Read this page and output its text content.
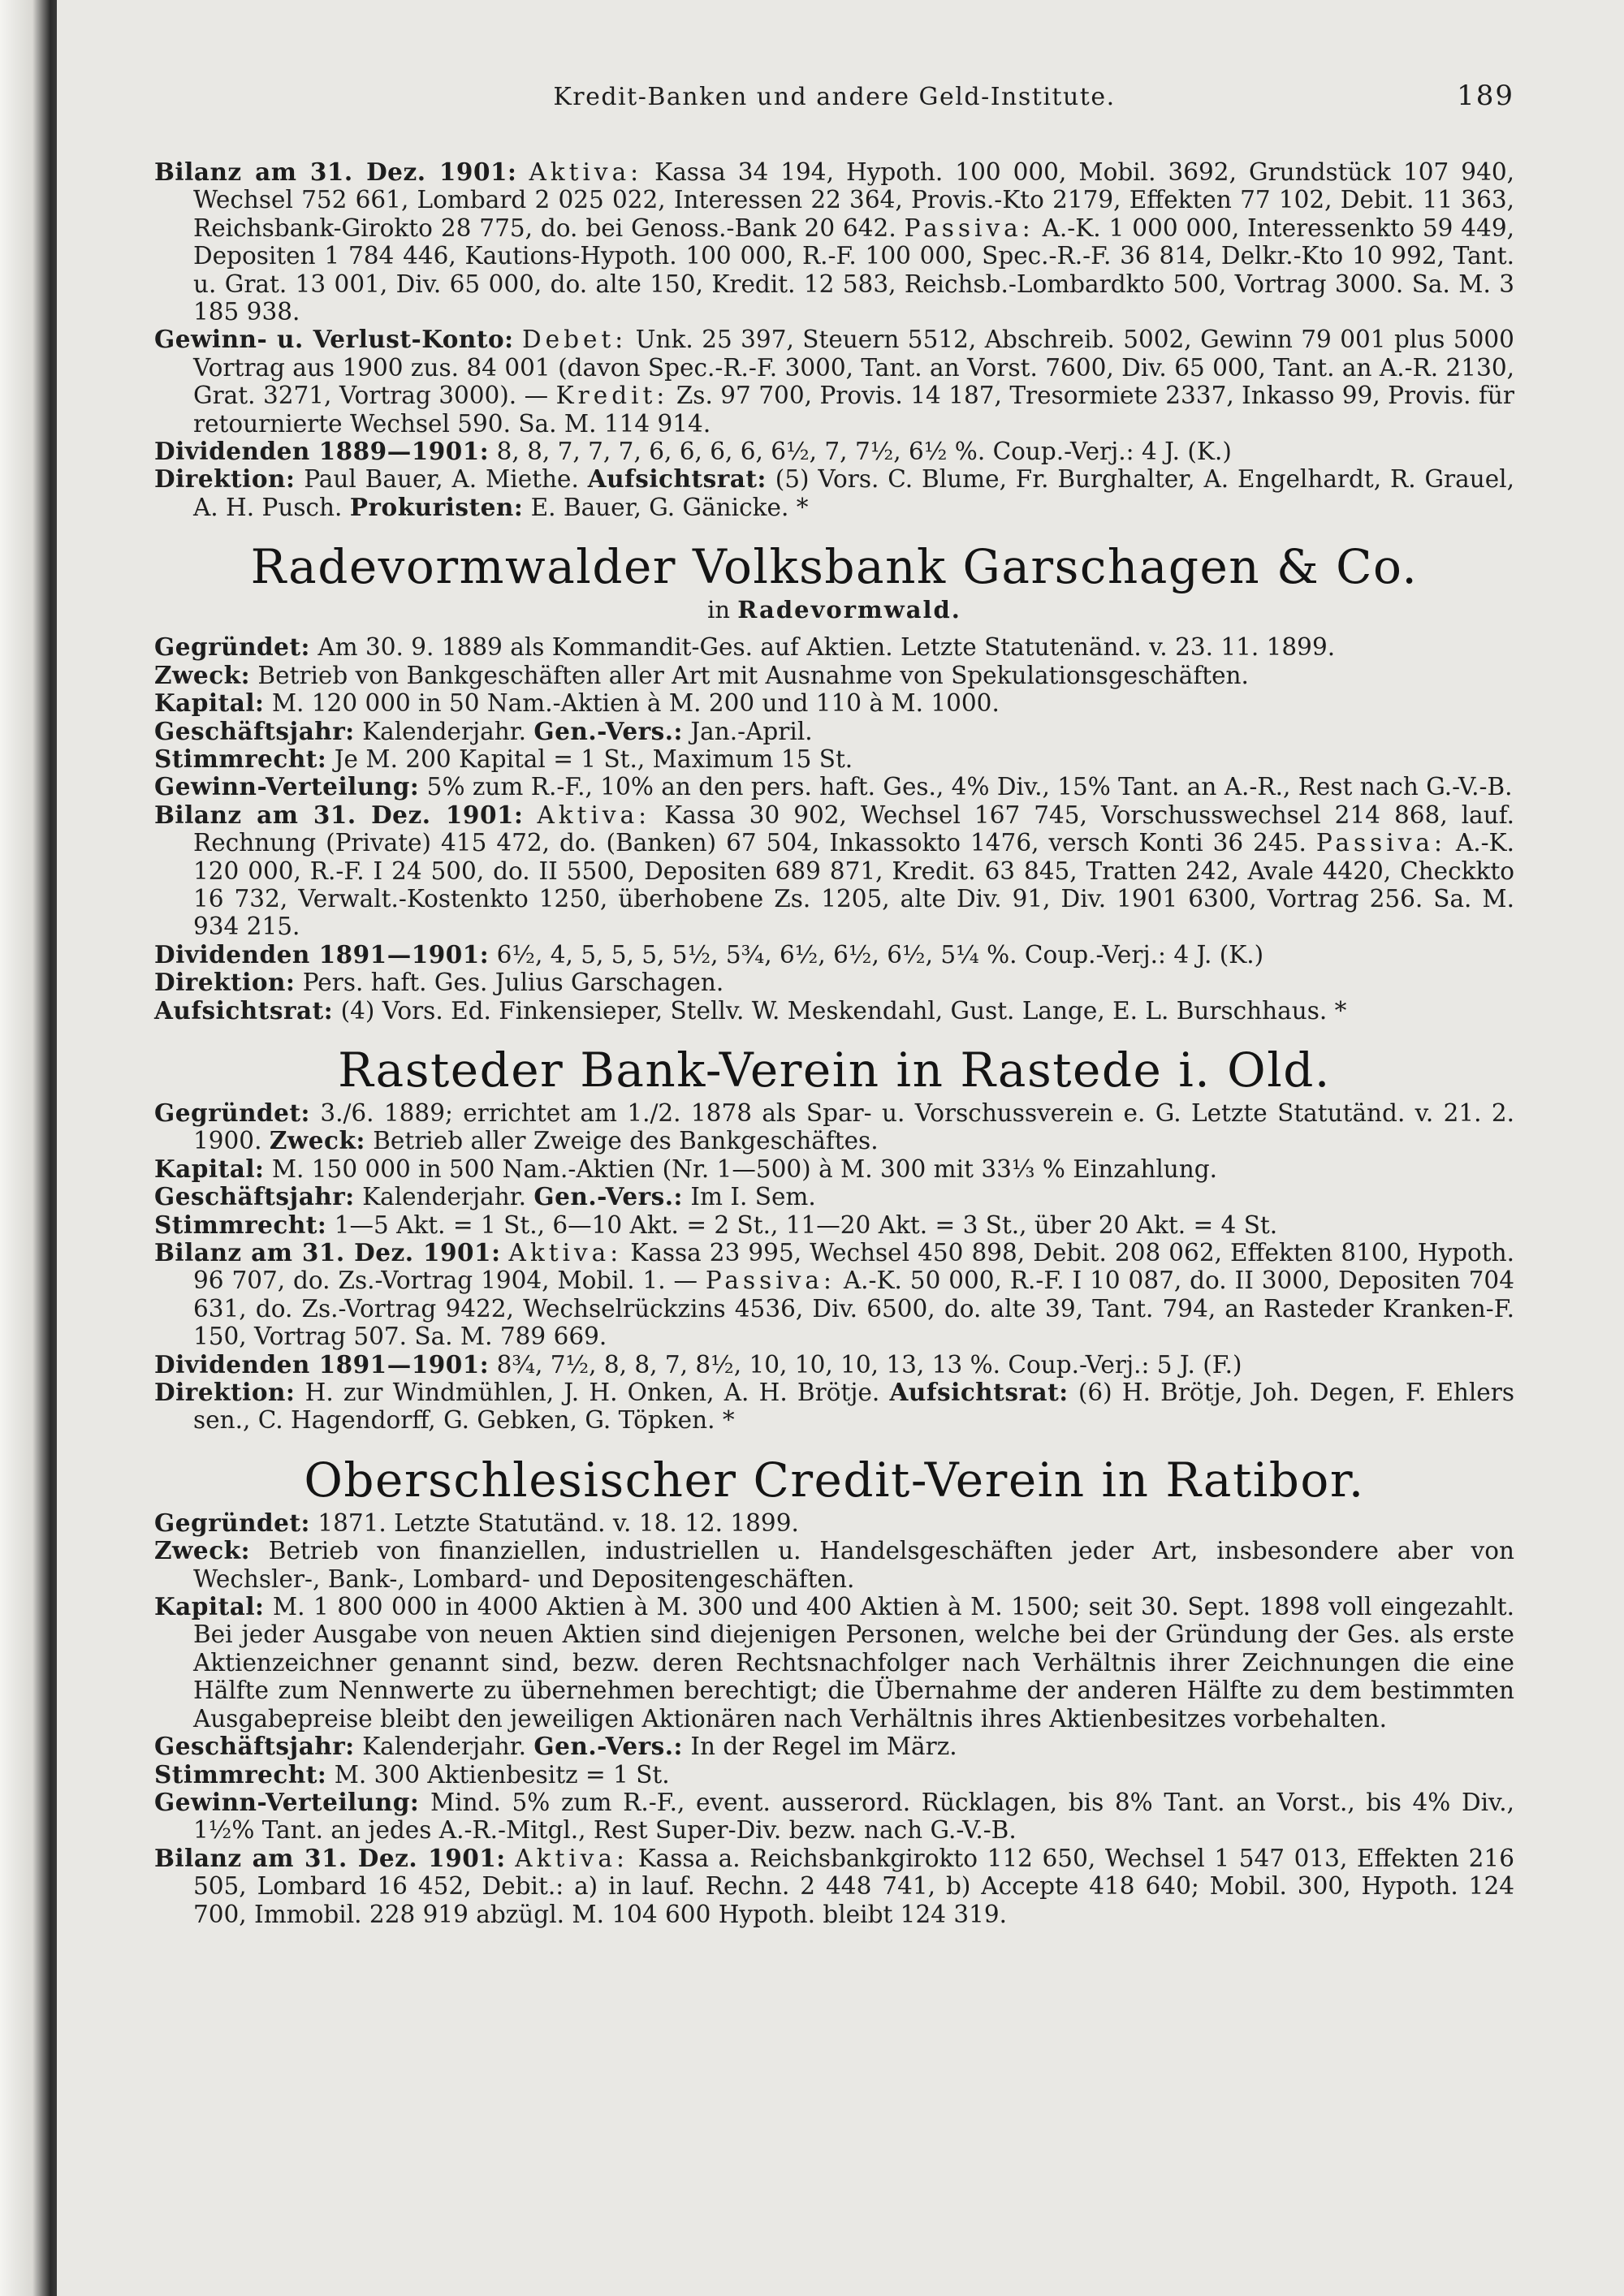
Kredit-Banken und andere Geld-Institute.	189

Bilanz am 31. Dez. 1901: Aktiva: Kassa 34 194, Hypoth. 100 000, Mobil. 3692, Grundstück 107 940, Wechsel 752 661, Lombard 2 025 022, Interessen 22 364, Provis.-Kto 2179, Effekten 77 102, Debit. 11 363, Reichsbank-Girokto 28 775, do. bei Genoss.-Bank 20 642. Passiva: A.-K. 1 000 000, Interessenkto 59 449, Depositen 1 784 446, Kautions-Hypoth. 100 000, R.-F. 100 000, Spec.-R.-F. 36 814, Delkr.-Kto 10 992, Tant. u. Grat. 13 001, Div. 65 000, do. alte 150, Kredit. 12 583, Reichsb.-Lombardkto 500, Vortrag 3000. Sa. M. 3 185 938.

Gewinn- u. Verlust-Konto: Debet: Unk. 25 397, Steuern 5512, Abschreib. 5002, Gewinn 79 001 plus 5000 Vortrag aus 1900 zus. 84 001 (davon Spec.-R.-F. 3000, Tant. an Vorst. 7600, Div. 65 000, Tant. an A.-R. 2130, Grat. 3271, Vortrag 3000). — Kredit: Zs. 97 700, Provis. 14 187, Tresormiete 2337, Inkasso 99, Provis. für retournierte Wechsel 590. Sa. M. 114 914.

Dividenden 1889—1901: 8, 8, 7, 7, 7, 6, 6, 6, 6, 6½, 7, 7½, 6½ %. Coup.-Verj.: 4 J. (K.)

Direktion: Paul Bauer, A. Miethe. Aufsichtsrat: (5) Vors. C. Blume, Fr. Burghalter, A. Engelhardt, R. Grauel, A. H. Pusch. Prokuristen: E. Bauer, G. Gänicke. *

Radevormwalder Volksbank Garschagen & Co.

in Radevormwald.

Gegründet: Am 30. 9. 1889 als Kommandit-Ges. auf Aktien. Letzte Statutenänd. v. 23. 11. 1899.

Zweck: Betrieb von Bankgeschäften aller Art mit Ausnahme von Spekulationsgeschäften.

Kapital: M. 120 000 in 50 Nam.-Aktien à M. 200 und 110 à M. 1000.

Geschäftsjahr: Kalenderjahr. Gen.-Vers.: Jan.-April.

Stimmrecht: Je M. 200 Kapital = 1 St., Maximum 15 St.

Gewinn-Verteilung: 5% zum R.-F., 10% an den pers. haft. Ges., 4% Div., 15% Tant. an A.-R., Rest nach G.-V.-B.

Bilanz am 31. Dez. 1901: Aktiva: Kassa 30 902, Wechsel 167 745, Vorschusswechsel 214 868, lauf. Rechnung (Private) 415 472, do. (Banken) 67 504, Inkassokto 1476, versch Konti 36 245. Passiva: A.-K. 120 000, R.-F. I 24 500, do. II 5500, Depositen 689 871, Kredit. 63 845, Tratten 242, Avale 4420, Checkkto 16 732, Verwalt.-Kostenkto 1250, überhobene Zs. 1205, alte Div. 91, Div. 1901 6300, Vortrag 256. Sa. M. 934 215.

Dividenden 1891—1901: 6½, 4, 5, 5, 5, 5½, 5¾, 6½, 6½, 6½, 5¼ %. Coup.-Verj.: 4 J. (K.)

Direktion: Pers. haft. Ges. Julius Garschagen.

Aufsichtsrat: (4) Vors. Ed. Finkensieper, Stellv. W. Meskendahl, Gust. Lange, E. L. Burschhaus. *

Rasteder Bank-Verein in Rastede i. Old.

Gegründet: 3./6. 1889; errichtet am 1./2. 1878 als Spar- u. Vorschussverein e. G. Letzte Statutänd. v. 21. 2. 1900. Zweck: Betrieb aller Zweige des Bankgeschäftes.

Kapital: M. 150 000 in 500 Nam.-Aktien (Nr. 1—500) à M. 300 mit 33⅓ % Einzahlung.

Geschäftsjahr: Kalenderjahr. Gen.-Vers.: Im I. Sem.

Stimmrecht: 1—5 Akt. = 1 St., 6—10 Akt. = 2 St., 11—20 Akt. = 3 St., über 20 Akt. = 4 St.

Bilanz am 31. Dez. 1901: Aktiva: Kassa 23 995, Wechsel 450 898, Debit. 208 062, Effekten 8100, Hypoth. 96 707, do. Zs.-Vortrag 1904, Mobil. 1. — Passiva: A.-K. 50 000, R.-F. I 10 087, do. II 3000, Depositen 704 631, do. Zs.-Vortrag 9422, Wechselrückzins 4536, Div. 6500, do. alte 39, Tant. 794, an Rasteder Kranken-F. 150, Vortrag 507. Sa. M. 789 669.

Dividenden 1891—1901: 8¾, 7½, 8, 8, 7, 8½, 10, 10, 10, 13, 13 %. Coup.-Verj.: 5 J. (F.)

Direktion: H. zur Windmühlen, J. H. Onken, A. H. Brötje. Aufsichtsrat: (6) H. Brötje, Joh. Degen, F. Ehlers sen., C. Hagendorff, G. Gebken, G. Töpken. *

Oberschlesischer Credit-Verein in Ratibor.

Gegründet: 1871. Letzte Statutänd. v. 18. 12. 1899.

Zweck: Betrieb von finanziellen, industriellen u. Handelsgeschäften jeder Art, insbesondere aber von Wechsler-, Bank-, Lombard- und Depositengeschäften.

Kapital: M. 1 800 000 in 4000 Aktien à M. 300 und 400 Aktien à M. 1500; seit 30. Sept. 1898 voll eingezahlt. Bei jeder Ausgabe von neuen Aktien sind diejenigen Personen, welche bei der Gründung der Ges. als erste Aktienzeichner genannt sind, bezw. deren Rechtsnachfolger nach Verhältnis ihrer Zeichnungen die eine Hälfte zum Nennwerte zu übernehmen berechtigt; die Übernahme der anderen Hälfte zu dem bestimmten Ausgabepreise bleibt den jeweiligen Aktionären nach Verhältnis ihres Aktienbesitzes vorbehalten.

Geschäftsjahr: Kalenderjahr. Gen.-Vers.: In der Regel im März.

Stimmrecht: M. 300 Aktienbesitz = 1 St.

Gewinn-Verteilung: Mind. 5% zum R.-F., event. ausserord. Rücklagen, bis 8% Tant. an Vorst., bis 4% Div., 1½% Tant. an jedes A.-R.-Mitgl., Rest Super-Div. bezw. nach G.-V.-B.

Bilanz am 31. Dez. 1901: Aktiva: Kassa a. Reichsbankgirokto 112 650, Wechsel 1 547 013, Effekten 216 505, Lombard 16 452, Debit.: a) in lauf. Rechn. 2 448 741, b) Accepte 418 640; Mobil. 300, Hypoth. 124 700, Immobil. 228 919 abzügl. M. 104 600 Hypoth. bleibt 124 319.
